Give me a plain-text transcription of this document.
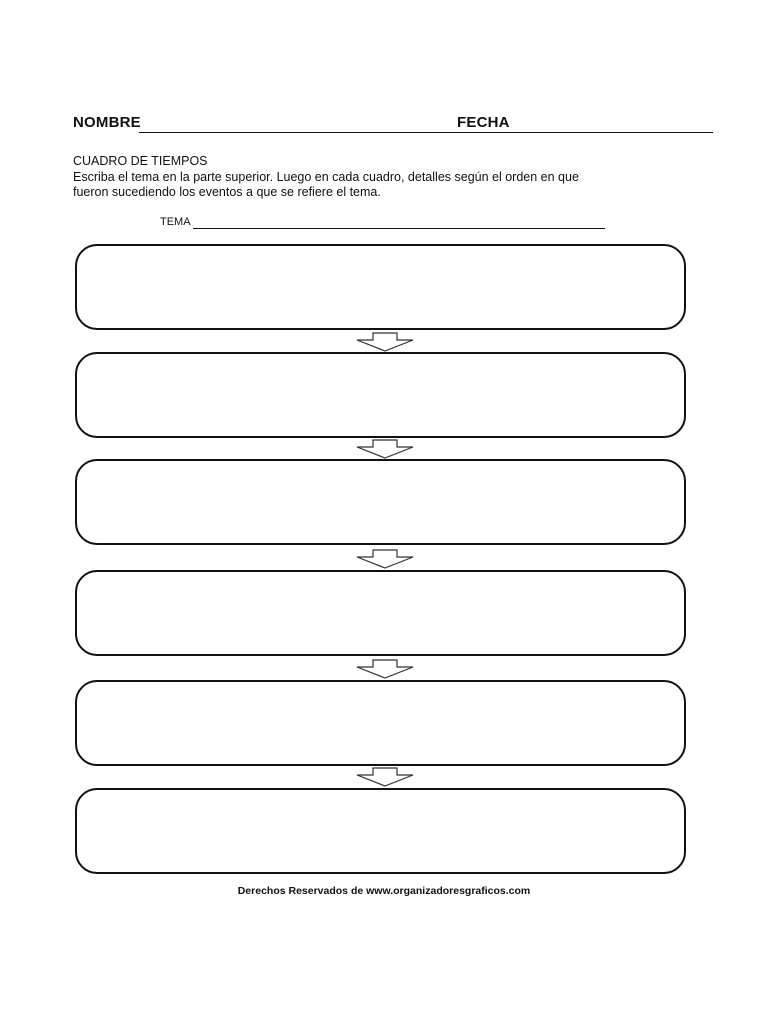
NOMBRE	FECHA
CUADRO DE TIEMPOS
Escriba el tema en la parte superior. Luego en cada cuadro, detalles según el orden en que
fueron sucediendo los eventos a que se refiere el tema.
TEMA
Derechos Reservados de www.organizadoresgraficos.com
